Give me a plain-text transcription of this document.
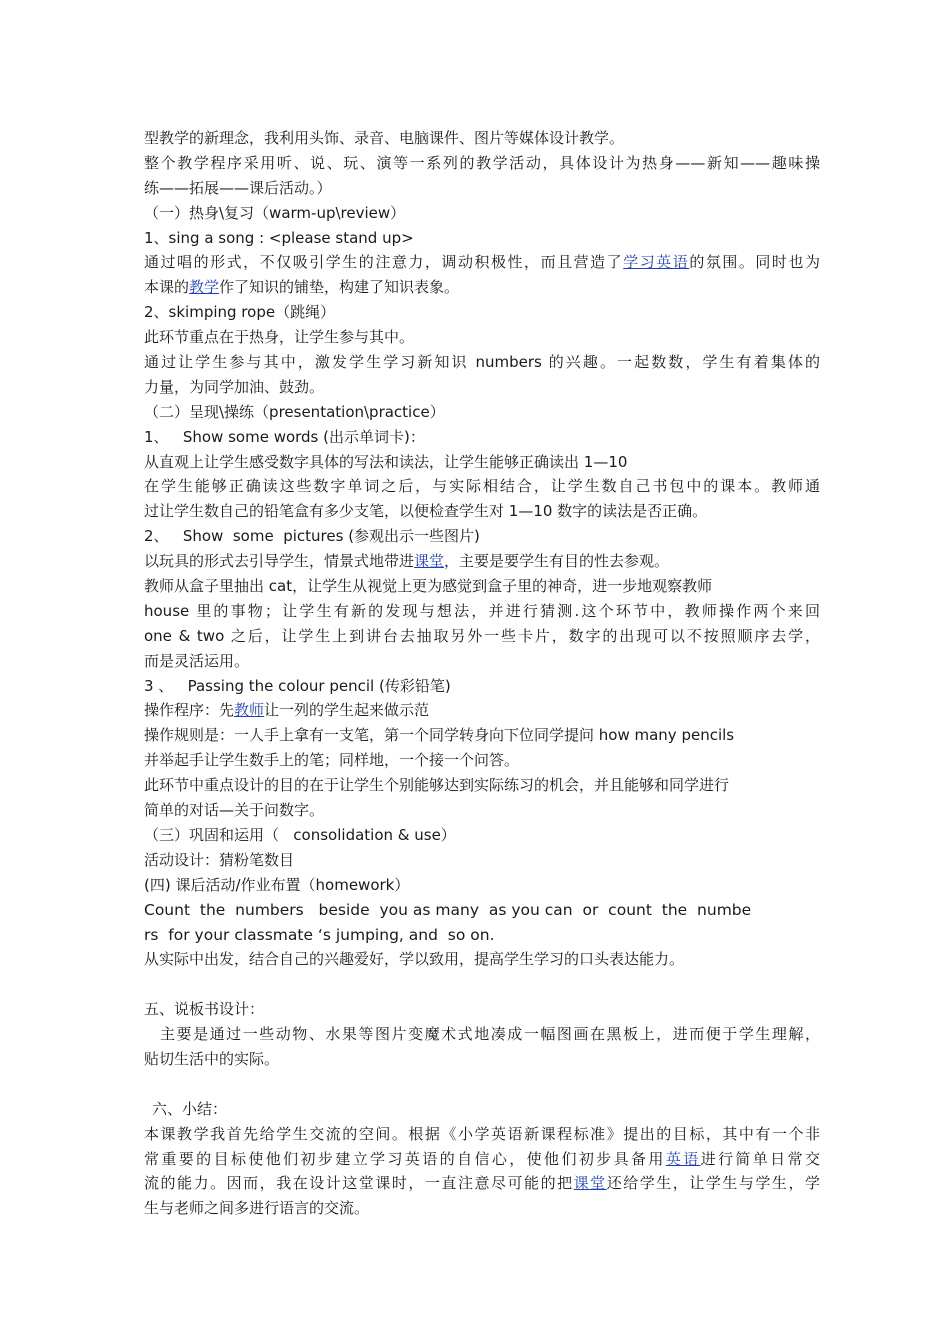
型教学的新理念，我利用头饰、录音、电脑课件、图片等媒体设计教学。
整个教学程序采用听、说、玩、演等一系列的教学活动，具体设计为热身——新知——趣味操
练——拓展——课后活动。）
（一）热身\复习（warm-up\review）
1、sing a song : <please stand up>
通过唱的形式，不仅吸引学生的注意力，调动积极性，而且营造了学习英语的氛围。同时也为
本课的教学作了知识的铺垫，构建了知识表象。
2、skimping rope（跳绳）
此环节重点在于热身，让学生参与其中。
通过让学生参与其中，激发学生学习新知识 numbers 的兴趣。一起数数，学生有着集体的
力量，为同学加油、鼓劲。
（二）呈现\操练（presentation\practice）
1、   Show some words (出示单词卡)：
从直观上让学生感受数字具体的写法和读法，让学生能够正确读出 1—10
在学生能够正确读这些数字单词之后，与实际相结合，让学生数自己书包中的课本。教师通
过让学生数自己的铅笔盒有多少支笔，以便检查学生对 1—10 数字的读法是否正确。
2、   Show  some  pictures (参观出示一些图片)
以玩具的形式去引导学生，情景式地带进课堂，主要是要学生有目的性去参观。
教师从盒子里抽出 cat，让学生从视觉上更为感觉到盒子里的神奇，进一步地观察教师
house 里的事物；让学生有新的发现与想法，并进行猜测.这个环节中，教师操作两个来回
one & two 之后，让学生上到讲台去抽取另外一些卡片，数字的出现可以不按照顺序去学，
而是灵活运用。
3 、   Passing the colour pencil (传彩铅笔)
操作程序：先教师让一列的学生起来做示范
操作规则是：一人手上拿有一支笔，第一个同学转身向下位同学提问 how many pencils
并举起手让学生数手上的笔；同样地，一个接一个问答。
此环节中重点设计的目的在于让学生个别能够达到实际练习的机会，并且能够和同学进行
简单的对话—关于问数字。
（三）巩固和运用（   consolidation & use）
活动设计：猜粉笔数目
(四) 课后活动/作业布置（homework）
Count  the  numbers   beside  you as many  as you can  or  count  the  numbe
rs  for your classmate ‘s jumping, and  so on.
从实际中出发，结合自己的兴趣爱好，学以致用，提高学生学习的口头表达能力。
五、说板书设计：
主要是通过一些动物、水果等图片变魔术式地凑成一幅图画在黑板上，进而便于学生理解，
贴切生活中的实际。
六、小结：
本课教学我首先给学生交流的空间。根据《小学英语新课程标准》提出的目标，其中有一个非
常重要的目标使他们初步建立学习英语的自信心，使他们初步具备用英语进行简单日常交
流的能力。因而，我在设计这堂课时，一直注意尽可能的把课堂还给学生，让学生与学生，学
生与老师之间多进行语言的交流。
